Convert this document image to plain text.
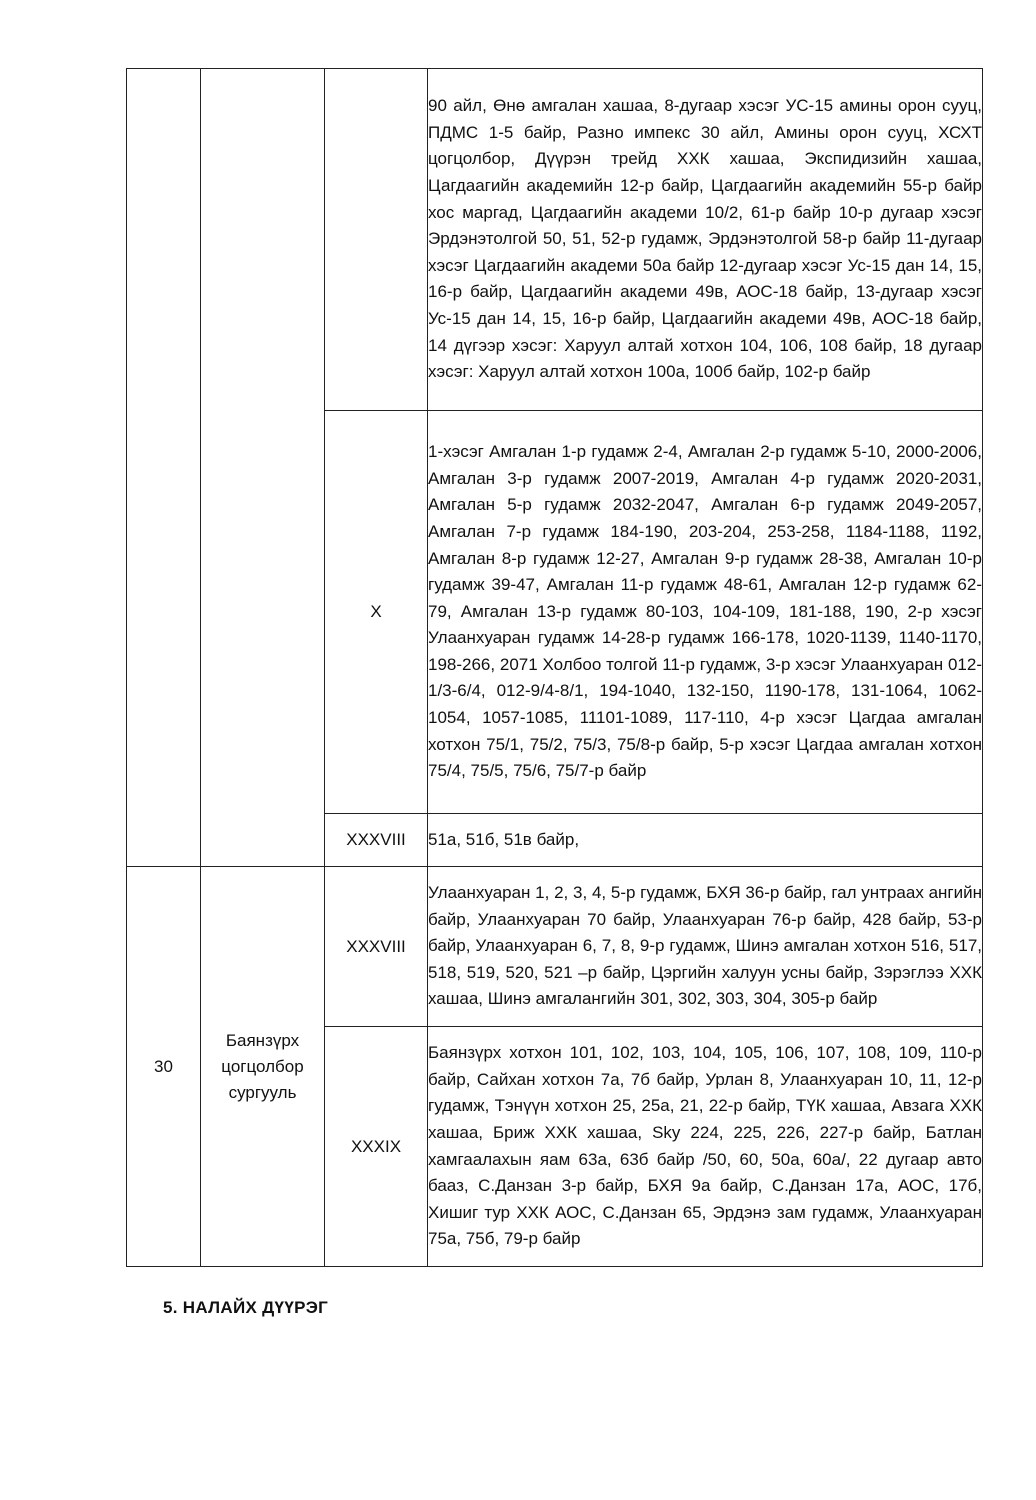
			90 айл, Өнө амгалан хашаа, 8-дугаар хэсэг УС-15 амины орон сууц, ПДМС 1-5 байр, Разно импекс 30 айл, Амины орон сууц, ХСХТ цогцолбор, Дүүрэн трейд ХХК хашаа, Экспидизийн хашаа, Цагдаагийн академийн 12-р байр, Цагдаагийн академийн 55-р байр хос маргад, Цагдаагийн академи 10/2, 61-р байр 10-р дугаар хэсэг Эрдэнэтолгой 50, 51, 52-р гудамж, Эрдэнэтолгой 58-р байр 11-дугаар хэсэг Цагдаагийн академи 50а байр 12-дугаар хэсэг Ус-15 дан 14, 15, 16-р байр, Цагдаагийн академи 49в, АОС-18 байр, 13-дугаар хэсэг Ус-15 дан 14, 15, 16-р байр, Цагдаагийн академи 49в, АОС-18 байр, 14 дүгээр хэсэг: Харуул алтай хотхон 104, 106, 108 байр, 18 дугаар хэсэг: Харуул алтай хотхон 100а, 100б байр, 102-р байр
		X	1-хэсэг Амгалан 1-р гудамж 2-4, Амгалан 2-р гудамж 5-10, 2000-2006, Амгалан 3-р гудамж 2007-2019, Амгалан 4-р гудамж 2020-2031, Амгалан 5-р гудамж 2032-2047, Амгалан 6-р гудамж 2049-2057, Амгалан 7-р гудамж 184-190, 203-204, 253-258, 1184-1188, 1192, Амгалан 8-р гудамж 12-27, Амгалан 9-р гудамж 28-38, Амгалан 10-р гудамж 39-47, Амгалан 11-р гудамж 48-61, Амгалан 12-р гудамж 62-79, Амгалан 13-р гудамж 80-103, 104-109, 181-188, 190, 2-р хэсэг Улаанхуаран гудамж 14-28-р гудамж 166-178, 1020-1139, 1140-1170, 198-266, 2071 Холбоо толгой 11-р гудамж, 3-р хэсэг Улаанхуаран 012-1/3-6/4, 012-9/4-8/1, 194-1040, 132-150, 1190-178, 131-1064, 1062-1054, 1057-1085, 11101-1089, 117-110, 4-р хэсэг Цагдаа амгалан хотхон 75/1, 75/2, 75/3, 75/8-р байр, 5-р хэсэг Цагдаа амгалан хотхон 75/4, 75/5, 75/6, 75/7-р байр
		XXXVIII	51а, 51б, 51в байр,
30	Баянзүрх цогцолбор сургууль	XXXVIII	Улаанхуаран 1, 2, 3, 4, 5-р гудамж, БХЯ 36-р байр, гал унтраах ангийн байр, Улаанхуаран 70 байр, Улаанхуаран 76-р байр, 428 байр, 53-р байр, Улаанхуаран 6, 7, 8, 9-р гудамж, Шинэ амгалан хотхон 516, 517, 518, 519, 520, 521 –р байр, Цэргийн халуун усны байр, Зэрэглээ ХХК хашаа, Шинэ амгалангийн 301, 302, 303, 304, 305-р байр
		XXXIX	Баянзүрх хотхон 101, 102, 103, 104, 105, 106, 107, 108, 109, 110-р байр, Сайхан хотхон 7а, 7б байр, Урлан 8, Улаанхуаран 10, 11, 12-р гудамж, Тэнүүн хотхон 25, 25а, 21, 22-р байр, ТҮК хашаа, Авзага ХХК хашаа, Бриж ХХК хашаа, Sky 224, 225, 226, 227-р байр, Батлан хамгаалахын яам 63а, 63б байр /50, 60, 50а, 60а/, 22 дугаар авто бааз, С.Данзан 3-р байр, БХЯ 9а байр, С.Данзан 17а, АОС, 17б, Хишиг тур ХХК АОС, С.Данзан 65, Эрдэнэ зам гудамж, Улаанхуаран 75а, 75б, 79-р байр
5. НАЛАЙХ ДҮҮРЭГ
